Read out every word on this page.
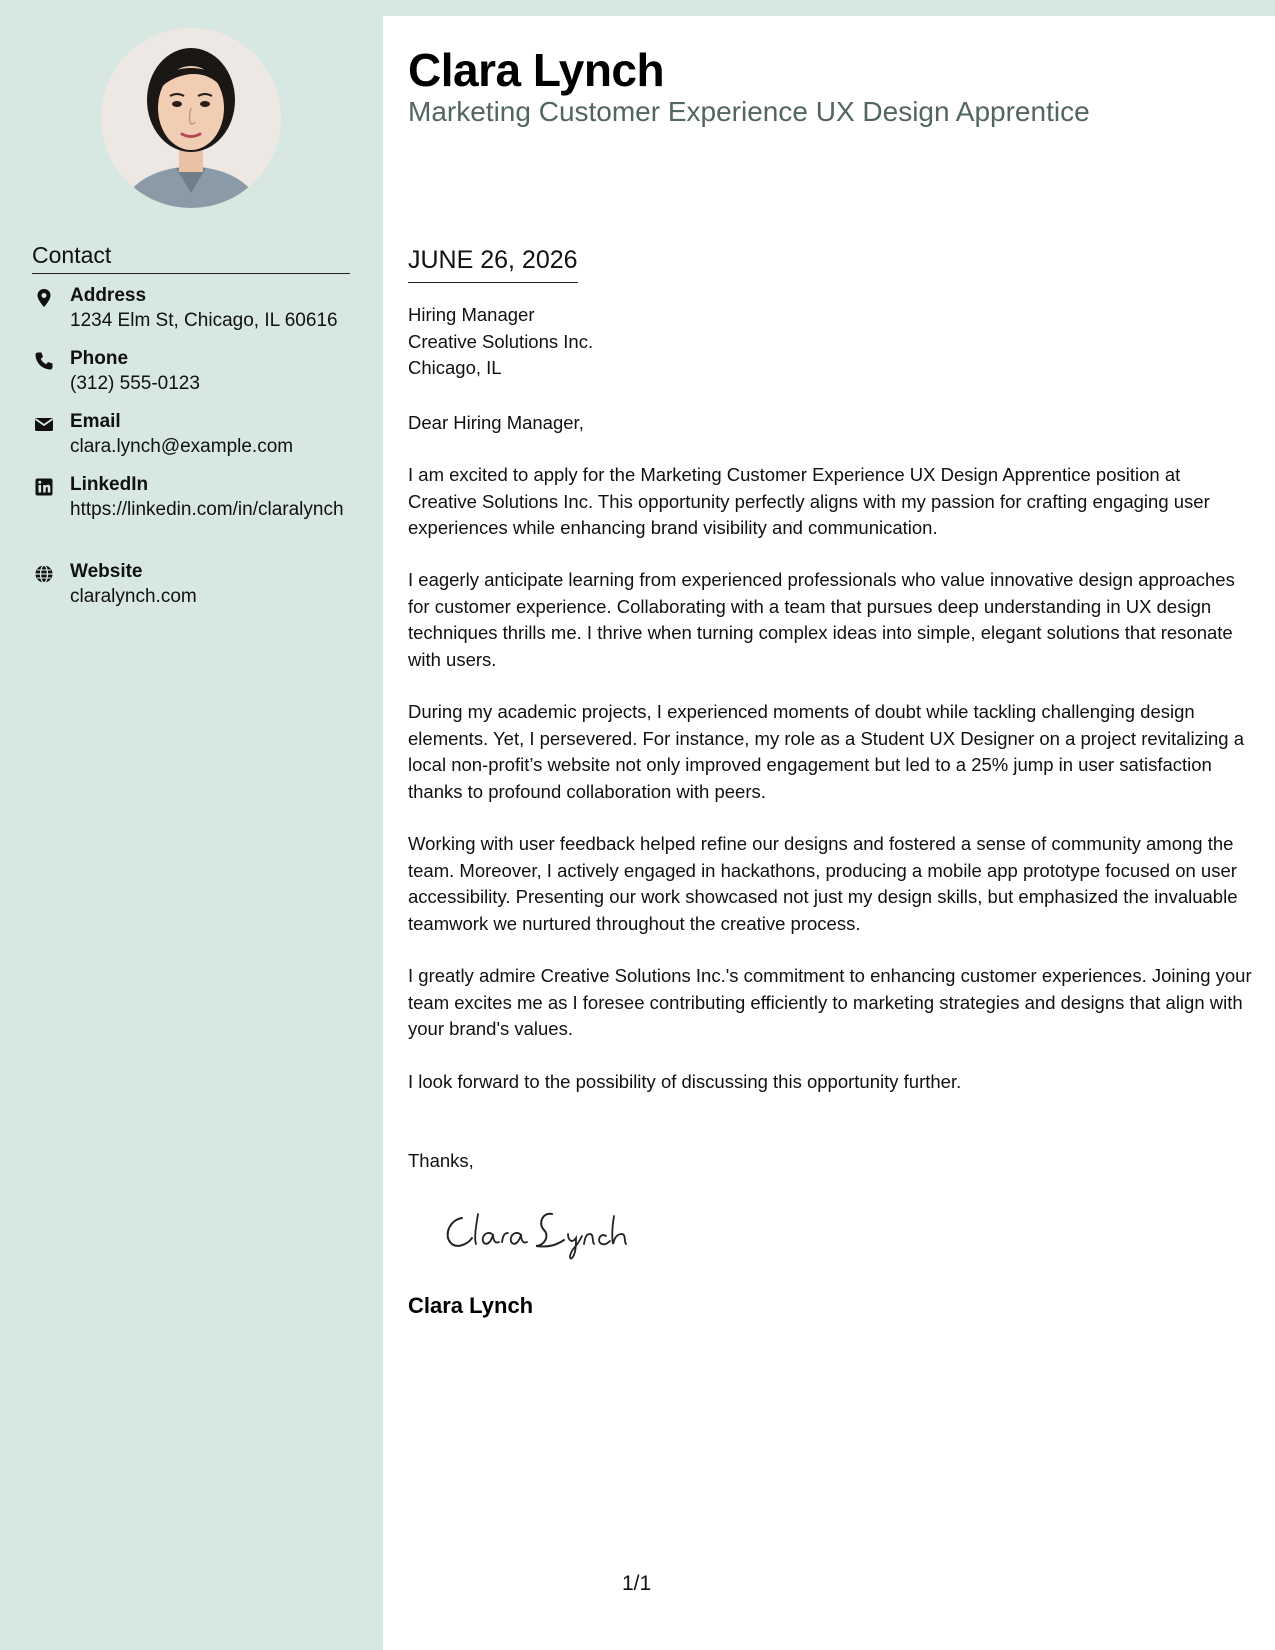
Contact
Address
1234 Elm St, Chicago, IL 60616
Phone
(312) 555-0123
Email
clara.lynch@example.com
LinkedIn
https://linkedin.com/in/claralynch
Website
claralynch.com
Clara Lynch
Marketing Customer Experience UX Design Apprentice
JUNE 26, 2026
Hiring Manager
Creative Solutions Inc.
Chicago, IL
Dear Hiring Manager,
I am excited to apply for the Marketing Customer Experience UX Design Apprentice position at Creative Solutions Inc. This opportunity perfectly aligns with my passion for crafting engaging user experiences while enhancing brand visibility and communication.
I eagerly anticipate learning from experienced professionals who value innovative design approaches for customer experience. Collaborating with a team that pursues deep understanding in UX design techniques thrills me. I thrive when turning complex ideas into simple, elegant solutions that resonate with users.
During my academic projects, I experienced moments of doubt while tackling challenging design elements. Yet, I persevered. For instance, my role as a Student UX Designer on a project revitalizing a local non-profit’s website not only improved engagement but led to a 25% jump in user satisfaction thanks to profound collaboration with peers.
Working with user feedback helped refine our designs and fostered a sense of community among the team. Moreover, I actively engaged in hackathons, producing a mobile app prototype focused on user accessibility. Presenting our work showcased not just my design skills, but emphasized the invaluable teamwork we nurtured throughout the creative process.
I greatly admire Creative Solutions Inc.'s commitment to enhancing customer experiences. Joining your team excites me as I foresee contributing efficiently to marketing strategies and designs that align with your brand's values.
I look forward to the possibility of discussing this opportunity further.
Thanks,
Clara Lynch
1/1
